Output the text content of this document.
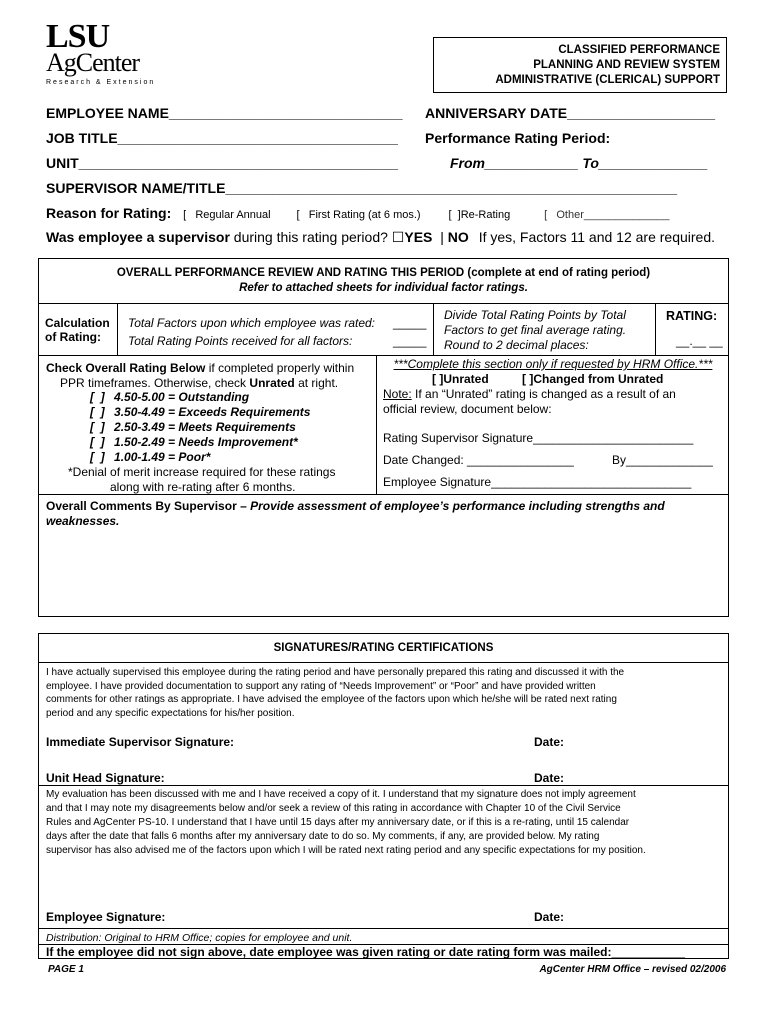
LSU
AgCenter
Research & Extension
CLASSIFIED PERFORMANCE
PLANNING AND REVIEW SYSTEM
ADMINISTRATIVE (CLERICAL) SUPPORT
EMPLOYEE NAME______________________________ ANNIVERSARY DATE___________________
JOB TITLE____________________________________ Performance Rating Period:
UNIT_________________________________________	From____________ To______________
SUPERVISOR NAME/TITLE__________________________________________________________
Reason for Rating: [   Regular Annual [   First Rating (at 6 mos.)	[  ]Re-Rating	[   Other______________
Was employee a supervisor during this rating period? ☐YES | NO If yes, Factors 11 and 12 are required.
OVERALL PERFORMANCE REVIEW AND RATING THIS PERIOD (complete at end of rating period)
Refer to attached sheets for individual factor ratings.
Calculation
of Rating:
Total Factors upon which employee was rated: _____
Total Rating Points received for all factors:	_____
Divide Total Rating Points by Total
Factors to get final average rating.
Round to 2 decimal places:
RATING:
__.__ __
Check Overall Rating Below if completed properly within
PPR timeframes. Otherwise, check Unrated at right.
[  ] 4.50-5.00 = Outstanding
[  ] 3.50-4.49 = Exceeds Requirements
[  ] 2.50-3.49 = Meets Requirements
[  ] 1.50-2.49 = Needs Improvement*
[  ] 1.00-1.49 = Poor*
*Denial of merit increase required for these ratings
along with re-rating after 6 months.
***Complete this section only if requested by HRM Office.***
[ ]Unrated	[ ]Changed from Unrated
Note: If an “Unrated” rating is changed as a result of an
official review, document below:
Rating Supervisor Signature________________________
Date Changed: ________________	By_____________
Employee Signature______________________________
Overall Comments By Supervisor – Provide assessment of employee’s performance including strengths and
weaknesses.
SIGNATURES/RATING CERTIFICATIONS
I have actually supervised this employee during the rating period and have personally prepared this rating and discussed it with the
employee. I have provided documentation to support any rating of “Needs Improvement” or “Poor” and have provided written
comments for other ratings as appropriate. I have advised the employee of the factors upon which he/she will be rated next rating
period and any specific expectations for his/her position.
Immediate Supervisor Signature:	Date:
Unit Head Signature:	Date:
My evaluation has been discussed with me and I have received a copy of it. I understand that my signature does not imply agreement
and that I may note my disagreements below and/or seek a review of this rating in accordance with Chapter 10 of the Civil Service
Rules and AgCenter PS-10. I understand that I have until 15 days after my anniversary date, or if this is a re-rating, until 15 calendar
days after the date that falls 6 months after my anniversary date to do so. My comments, if any, are provided below. My rating
supervisor has also advised me of the factors upon which I will be rated next rating period and any specific expectations for my position.
Employee Signature:	Date:
Distribution: Original to HRM Office; copies for employee and unit.
If the employee did not sign above, date employee was given rating or date rating form was mailed:___________
PAGE 1	AgCenter HRM Office – revised 02/2006
